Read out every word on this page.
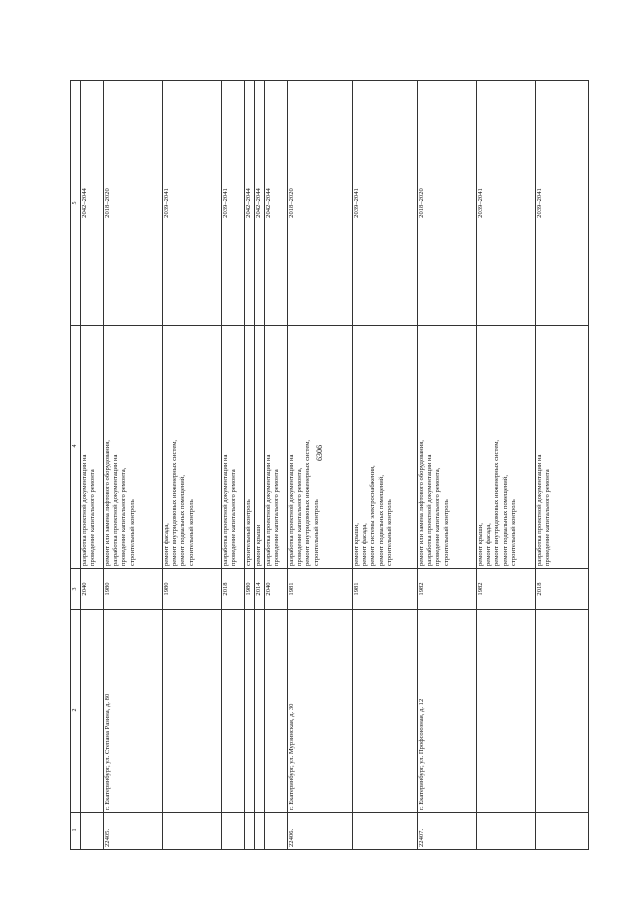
6306
1	2	3	4	5
		2040	разработка проектной документации на
проведение капитального ремонта	2042–2044
22405.	г. Екатеринбург, ул. Степана Разина, д. 80	1980	ремонт или замена лифтового оборудования,
разработка проектной документации на
проведение капитального ремонта,
строительный контроль	2018–2020
		1980	ремонт фасада,
ремонт внутридомовых инженерных систем,
ремонт подвальных помещений,
строительный контроль	2039–2041
		2018	разработка проектной документации на
проведение капитального ремонта	2039–2041
		1980	строительный контроль	2042–2044
		2014	ремонт крыши	2042–2044
		2040	разработка проектной документации на
проведение капитального ремонта	2042–2044
22406.	г. Екатеринбург, ул. Мурзинская, д. 30	1981	разработка проектной документации на
проведение капитального ремонта,
ремонт внутридомовых инженерных систем,
строительный контроль	2018–2020
		1981	ремонт крыши,
ремонт фасада,
ремонт системы электроснабжения,
ремонт подвальных помещений,
строительный контроль	2039–2041
22407.	г. Екатеринбург, ул. Профсоюзная, д. 12	1982	ремонт или замена лифтового оборудования,
разработка проектной документации на
проведение капитального ремонта,
строительный контроль	2018–2020
		1982	ремонт крыши,
ремонт фасада,
ремонт внутридомовых инженерных систем,
ремонт подвальных помещений,
строительный контроль	2039–2041
		2018	разработка проектной документации на
проведение капитального ремонта	2039–2041
